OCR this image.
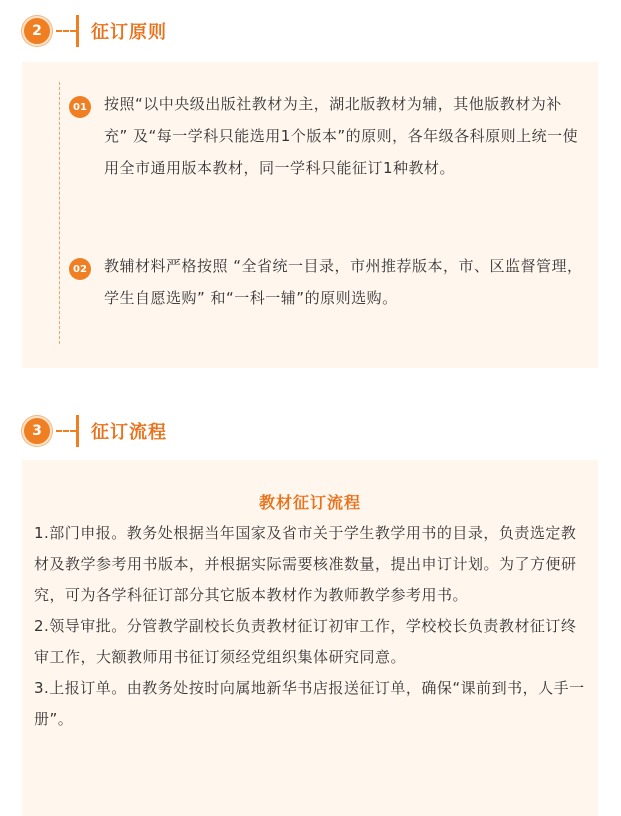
2	征订原则
01 按照“以中央级出版社教材为主，湖北版教材为辅，其他版教材为补充” 及“每一学科只能选用1个版本”的原则，各年级各科原则上统一使用全市通用版本教材，同一学科只能征订1种教材。
02 教辅材料严格按照 “全省统一目录，市州推荐版本，市、区监督管理，学生自愿选购” 和“一科一辅”的原则选购。
3	征订流程
教材征订流程

1.部门申报。教务处根据当年国家及省市关于学生教学用书的目录，负责选定教材及教学参考用书版本，并根据实际需要核准数量，提出申订计划。为了方便研究，可为各学科征订部分其它版本教材作为教师教学参考用书。

2.领导审批。分管教学副校长负责教材征订初审工作，学校校长负责教材征订终审工作，大额教师用书征订须经党组织集体研究同意。

3.上报订单。由教务处按时向属地新华书店报送征订单，确保“课前到书，人手一册”。
